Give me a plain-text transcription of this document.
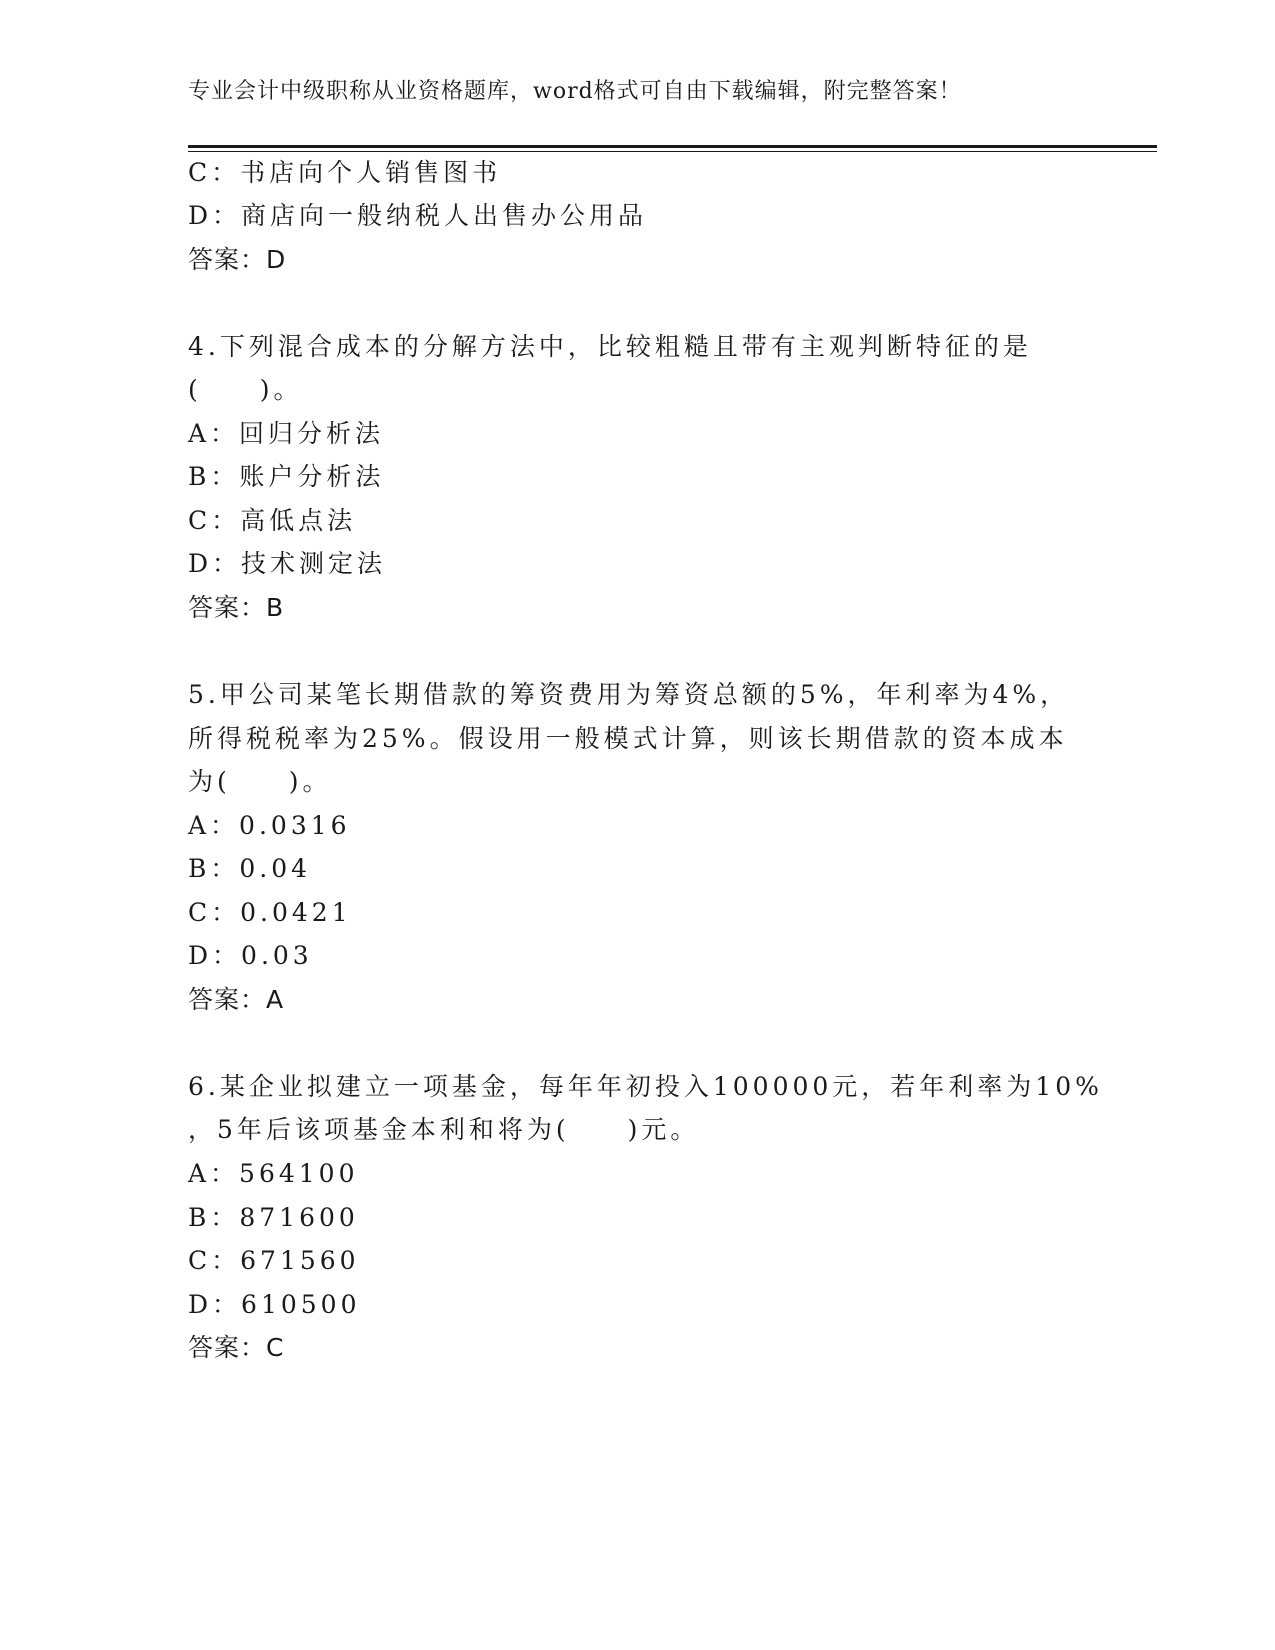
专业会计中级职称从业资格题库，word格式可自由下载编辑，附完整答案！
C：书店向个人销售图书
D：商店向一般纳税人出售办公用品
答案：D
4.下列混合成本的分解方法中，比较粗糙且带有主观判断特征的是
(　　)。
A：回归分析法
B：账户分析法
C：高低点法
D：技术测定法
答案：B
5.甲公司某笔长期借款的筹资费用为筹资总额的5%，年利率为4%，
所得税税率为25%。假设用一般模式计算，则该长期借款的资本成本
为(　　)。
A：0.0316
B：0.04
C：0.0421
D：0.03
答案：A
6.某企业拟建立一项基金，每年年初投入100000元，若年利率为10%
，5年后该项基金本利和将为(　　)元。
A：564100
B：871600
C：671560
D：610500
答案：C
